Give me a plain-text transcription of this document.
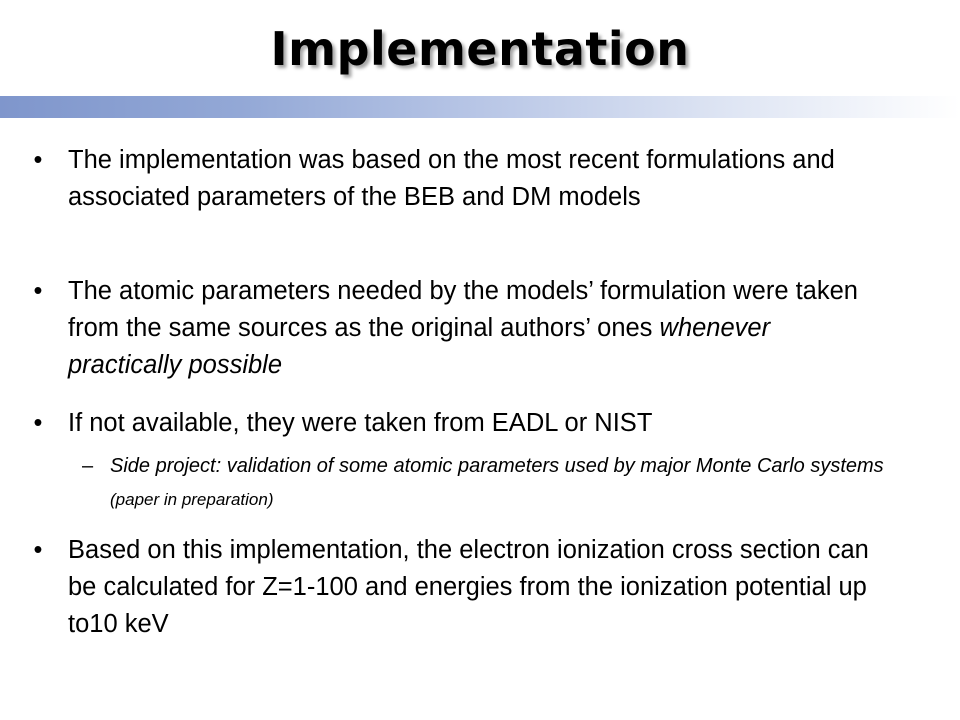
Implementation
• The implementation was based on the most recent formulations and associated parameters of the BEB and DM models
• The atomic parameters needed by the models’ formulation were taken from the same sources as the original authors’ ones whenever practically possible
• If not available, they were taken from EADL or NIST
– Side project: validation of some atomic parameters used by major Monte Carlo systems (paper in preparation)
• Based on this implementation, the electron ionization cross section can be calculated for Z=1-100 and energies from the ionization potential up to10 keV
